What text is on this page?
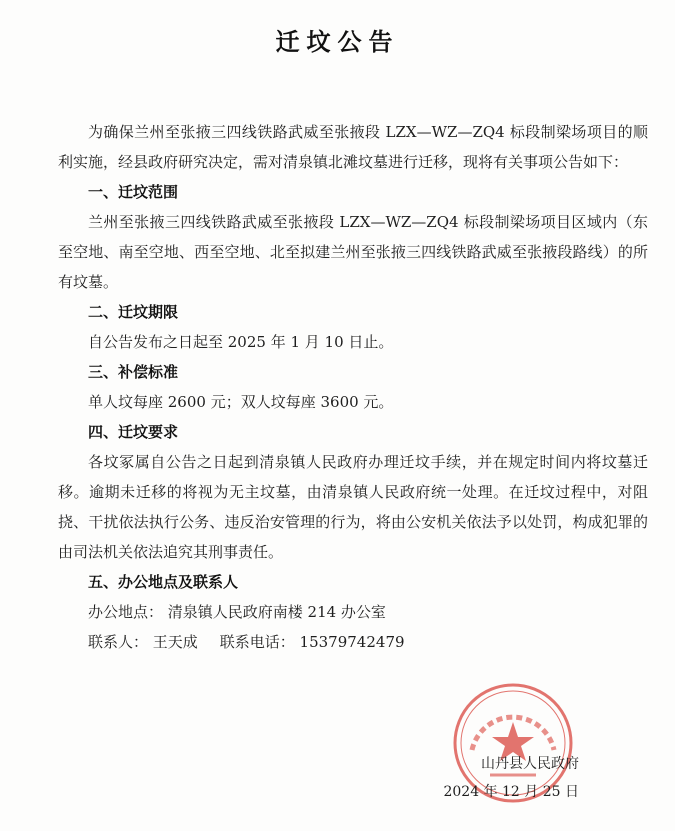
迁坟公告

为确保兰州至张掖三四线铁路武威至张掖段 LZX—WZ—ZQ4 标段制梁场项目的顺利实施，经县政府研究决定，需对清泉镇北滩坟墓进行迁移，现将有关事项公告如下：

一、迁坟范围

兰州至张掖三四线铁路武威至张掖段 LZX—WZ—ZQ4 标段制梁场项目区域内（东至空地、南至空地、西至空地、北至拟建兰州至张掖三四线铁路武威至张掖段路线）的所有坟墓。

二、迁坟期限

自公告发布之日起至 2025 年 1 月 10 日止。

三、补偿标准

单人坟每座 2600 元；双人坟每座 3600 元。

四、迁坟要求

各坟冢属自公告之日起到清泉镇人民政府办理迁坟手续，并在规定时间内将坟墓迁移。逾期未迁移的将视为无主坟墓，由清泉镇人民政府统一处理。在迁坟过程中，对阻挠、干扰依法执行公务、违反治安管理的行为，将由公安机关依法予以处罚，构成犯罪的由司法机关依法追究其刑事责任。

五、办公地点及联系人

办公地点： 清泉镇人民政府南楼 214 办公室

联系人： 王天成 联系电话： 15379742479

山丹县人民政府
2024 年 12 月 25 日
